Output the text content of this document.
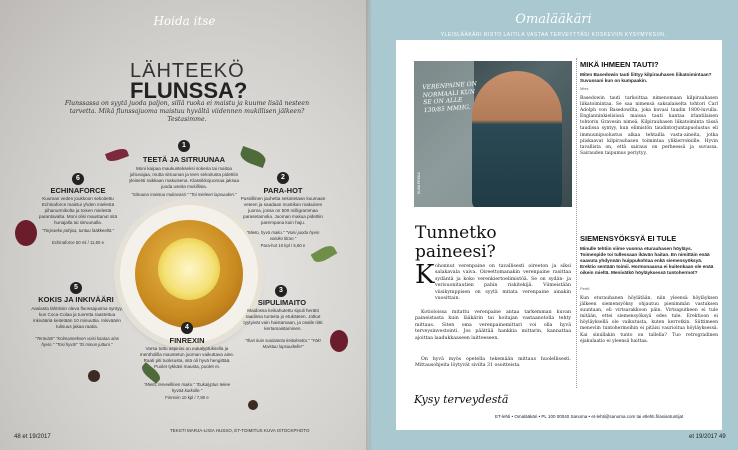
Hoida itse
LÄHTEEKÖ
FLUNSSA?
Flunssassa on syytä juoda paljon, sillä ruoka ei maistu ja kuume lisää nesteen tarvetta. Mikä flunssajuoma maistuu hyvältä viidennen mukillisen jälkeen? Testasimme.
1
TEETÄ JA SITRUUNAA
Moni kaipaa maukustekseksi sokeria tai maitoa juhunajaa, mutta sitruunan ja teen sekoitusta pidettiin yleisesti raikkaan makuisena. Klassikkojuomaa jaksaa juoda useita mukillisia.
"Sitruuna maistuu mukavasti." "Toi mieleen lapsuuden."
2
PARA-HOT
Pussillinen jauhetta sekoitetaan kuumaan veteen ja saadaan mustikan makuinen juoma, jossa on 500 milligrammaa parasetamolia. Juoman makua pidettiin parempana kuin haju.
"Mieto, hyvä maku." "Voisi juoda hyvin voisiko litran."
Para-hot 10 kpl / 5,60 e
6
ECHINAFORCE
Kuuman veden joukkoon sekoitettu Echinaforce maistui yhden mielestä pihanurmikolta ja toisen mielestä parantavalta. Moni olisi maustanut sitä hunajalla tai sitruunalla.
"Torjeaeko pohjoa, tuntuu lääkkeeltä."
Echinaforce 50 ml / 11,60 e
5
KOKIS JA INKIVÄÄRI
Aasiasta lähtöisin oleva flunssajuoma syntyy, kun Coca-Colaa ja tuoretta raastettua inkivääriä keitetään 10 minuuttia. Inkiväärin tulisuus jakaa raatia.
"Terävää!" "Kolmanneksen voisi kaataa alas hyvin." "Tosi hyvä!" "Ei minun juttuni."
3
SIPULIMAITO
Maidossa keikahutettu sipuli herätti raadissa tunteita jo etukäteen. Jotkut tyytyivät vain haistamaan, ja osalle riitti kertamaistaminen.
"Ihan kuin suolatonta keitoksetta." "Yök! Maistuu lapsuudelle!"
4
FINREXIN
Varsa tuttu aspiriini on eukalyptuksella ja mentholilla maustetun juoman vaikuttava aine. Raati piti tuoksusta, sitä oli hyvä hengittää. Puolet tykkäsi mausta, puolet ei.
"Mieto, terveellinen maku." "Eukalyptus tekee hyvää kurkulle."
Finrexin 10 kpl / 7,80 e
TEKSTI MARJA-LIISA HUSSO, ET-TOIMITUS KUVA ISTOCKPHOTO
48 et 19/2017
Omalääkäri
YLEISLÄÄKÄRI RISTO LAITILA VASTAA TERVEYTTÄSI KOSKEVIIN KYSYMYKSIIN.
VERENPAINE ON NORMAALI KUN SE ON ALLE 130/85 MMHG.
KUVA PEKKA
Tunnetko
paineesi?
K ohonnut verenpaine on tavallisesti oireeton ja siksi salakavala vaiva. Oireettomanakin verenpaine rasittaa sydäntä ja koko verenkiertoelimistöä. Se on sydän- ja verisuonitautien pahin riskitekijä. Viimeistään viisikymppisen on syytä mitata verenpaine ainakin vuosittain.
Kotioloissa mitattu verenpaine antaa tarkemman kuvan paineistasta kuin lääkärin tai hoitajan vastaanotolla tehty mittaus. Siten oma verenpainemittari voi olla hyvä terveysinvestointi. Jos päättää hankkia mittarin, kannattaa ajoittaa laadukkaaseen laitteeseen.
On hyvä myös opetella tekemään mittaus huolellisesti. Mittausohjeita löytyvät sivilta 31 osoitteista.
MIKÄ IHMEEN TAUTI?
Miten Basedowin tauti liittyy kilpirauhasen liikatoimintaan? Suvussani kun on kumpaakin.
Mies
Basedowin tauti tarkoittaa nimenomaan kilpirauhasen liikatoimintaa. Se saa nimensä saksalaiselta tohtori Carl Adolph von Basedowilta, joka kuvasi taudin 1800-luvulla. Englanninkielisissä maissa tauti kantaa irlantilaisen tohtorin Gravesin nimeä. Kilpirauhasen liikatoiminta tässä taudissa syntyy, kun elimistön taudintorjuntapuolustus eli immuunipuolustus alkaa tehtailla vasta-aineita, jotka piiskaavat kilpirauhasen toimintaa ylikierroksille. Hyvin tavallista on, että sairaus on perheessä ja suvussa. Sairauden taipumus periytyy.
SIEMENSYÖKSYÄ EI TULE
Minulle tehtiin viime vuonna eturauhasen höyläys. Toimenpide toi tullessaan ikävän haitan. En nimittäin enää saavuta yhdynnän huippukohtaa enkä siemensyöksyä. Erektio sentään toimii. Hormonaassa ei kuitenkaan ole enää oikein mieltä. Menivätkö höyläyksessä tuntohermot?
Pertti
Kun eturauhanen höylätään, niin yleensä höyläyksen jälkeen siemensyöksy ohjautuu pienimmän vastuksen suuntaan, eli virtsarakkoon päin. Virtsaputkeen ei tule mitään, ettei siemensyöksyä edes tule. Erektioon ei höyläyksellä ole vaikutusta, kuten kerrotkin. Siittimeen meneviin tuntohermoihin ei pitäisi vaurioitua höyläyksessä. Kai sinullakin tunto on tallella? Tuo retrogradinen ejakulaatio ei yleensä haittaa.
Kysy terveydestä
ET-lehti • Omalääkäri • PL 100 00040 Sanoma • et-lehti@sanoma.com tai etlehti.fi/asiantuntijat
et 19/2017 49
